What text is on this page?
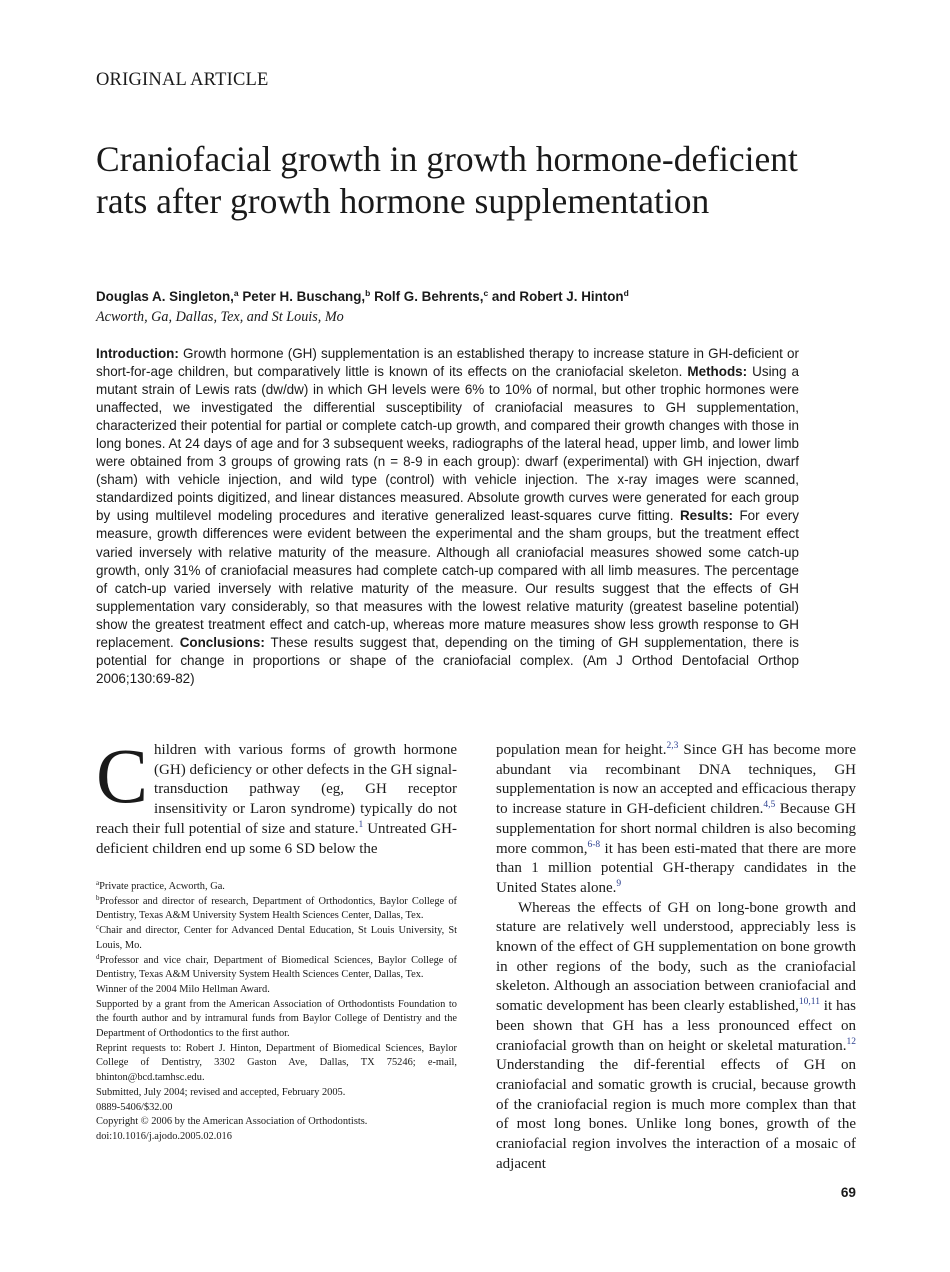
ORIGINAL ARTICLE
Craniofacial growth in growth hormone-deficient rats after growth hormone supplementation
Douglas A. Singleton,$^a$ Peter H. Buschang,$^b$ Rolf G. Behrents,$^c$ and Robert J. Hinton$^d$
Acworth, Ga, Dallas, Tex, and St Louis, Mo

Introduction: Growth hormone (GH) supplementation is an established therapy to increase stature in GH-deficient or short-for-age children, but comparatively little is known of its effects on the craniofacial skeleton. Methods: Using a mutant strain of Lewis rats (dw/dw) in which GH levels were 6% to 10% of normal, but other trophic hormones were unaffected, we investigated the differential susceptibility of craniofacial measures to GH supplementation, characterized their potential for partial or complete catch-up growth, and compared their growth changes with those in long bones. At 24 days of age and for 3 subsequent weeks, radiographs of the lateral head, upper limb, and lower limb were obtained from 3 groups of growing rats (n = 8-9 in each group): dwarf (experimental) with GH injection, dwarf (sham) with vehicle injection, and wild type (control) with vehicle injection. The x-ray images were scanned, standardized points digitized, and linear distances measured. Absolute growth curves were generated for each group by using multilevel modeling procedures and iterative generalized least-squares curve fitting. Results: For every measure, growth differences were evident between the experimental and the sham groups, but the treatment effect varied inversely with relative maturity of the measure. Although all craniofacial measures showed some catch-up growth, only 31% of craniofacial measures had complete catch-up compared with all limb measures. The percentage of catch-up varied inversely with relative maturity of the measure. Our results suggest that the effects of GH supplementation vary considerably, so that measures with the lowest relative maturity (greatest baseline potential) show the greatest treatment effect and catch-up, whereas more mature measures show less growth response to GH replacement. Conclusions: These results suggest that, depending on the timing of GH supplementation, there is potential for change in proportions or shape of the craniofacial complex. (Am J Orthod Dentofacial Orthop 2006;130:69-82)

Children with various forms of growth hormone (GH) deficiency or other defects in the GH signal-transduction pathway (eg, GH receptor insensitivity or Laron syndrome) typically do not reach their full potential of size and stature.$^1$ Untreated GH-deficient children end up some 6 SD below the

$^a$Private practice, Acworth, Ga.

$^b$Professor and director of research, Department of Orthodontics, Baylor College of Dentistry, Texas A&M University System Health Sciences Center, Dallas, Tex.

$^c$Chair and director, Center for Advanced Dental Education, St Louis University, St Louis, Mo.

$^d$Professor and vice chair, Department of Biomedical Sciences, Baylor College of Dentistry, Texas A&M University System Health Sciences Center, Dallas, Tex.

Winner of the 2004 Milo Hellman Award.

Supported by a grant from the American Association of Orthodontists Foundation to the fourth author and by intramural funds from Baylor College of Dentistry and the Department of Orthodontics to the first author.

Reprint requests to: Robert J. Hinton, Department of Biomedical Sciences, Baylor College of Dentistry, 3302 Gaston Ave, Dallas, TX 75246; e-mail, bhinton@bcd.tamhsc.edu.

Submitted, July 2004; revised and accepted, February 2005.

0889-5406/$32.00

Copyright © 2006 by the American Association of Orthodontists.

doi:10.1016/j.ajodo.2005.02.016

population mean for height.$^{2,3}$ Since GH has become more abundant via recombinant DNA techniques, GH supplementation is now an accepted and efficacious therapy to increase stature in GH-deficient children.$^{4,5}$ Because GH supplementation for short normal children is also becoming more common,$^{6-8}$ it has been esti-mated that there are more than 1 million potential GH-therapy candidates in the United States alone.$^9$

Whereas the effects of GH on long-bone growth and stature are relatively well understood, appreciably less is known of the effect of GH supplementation on bone growth in other regions of the body, such as the craniofacial skeleton. Although an association between craniofacial and somatic development has been clearly established,$^{10,11}$ it has been shown that GH has a less pronounced effect on craniofacial growth than on height or skeletal maturation.$^{12}$ Understanding the dif-ferential effects of GH on craniofacial and somatic growth is crucial, because growth of the craniofacial region is much more complex than that of most long bones. Unlike long bones, growth of the craniofacial region involves the interaction of a mosaic of adjacent

69
